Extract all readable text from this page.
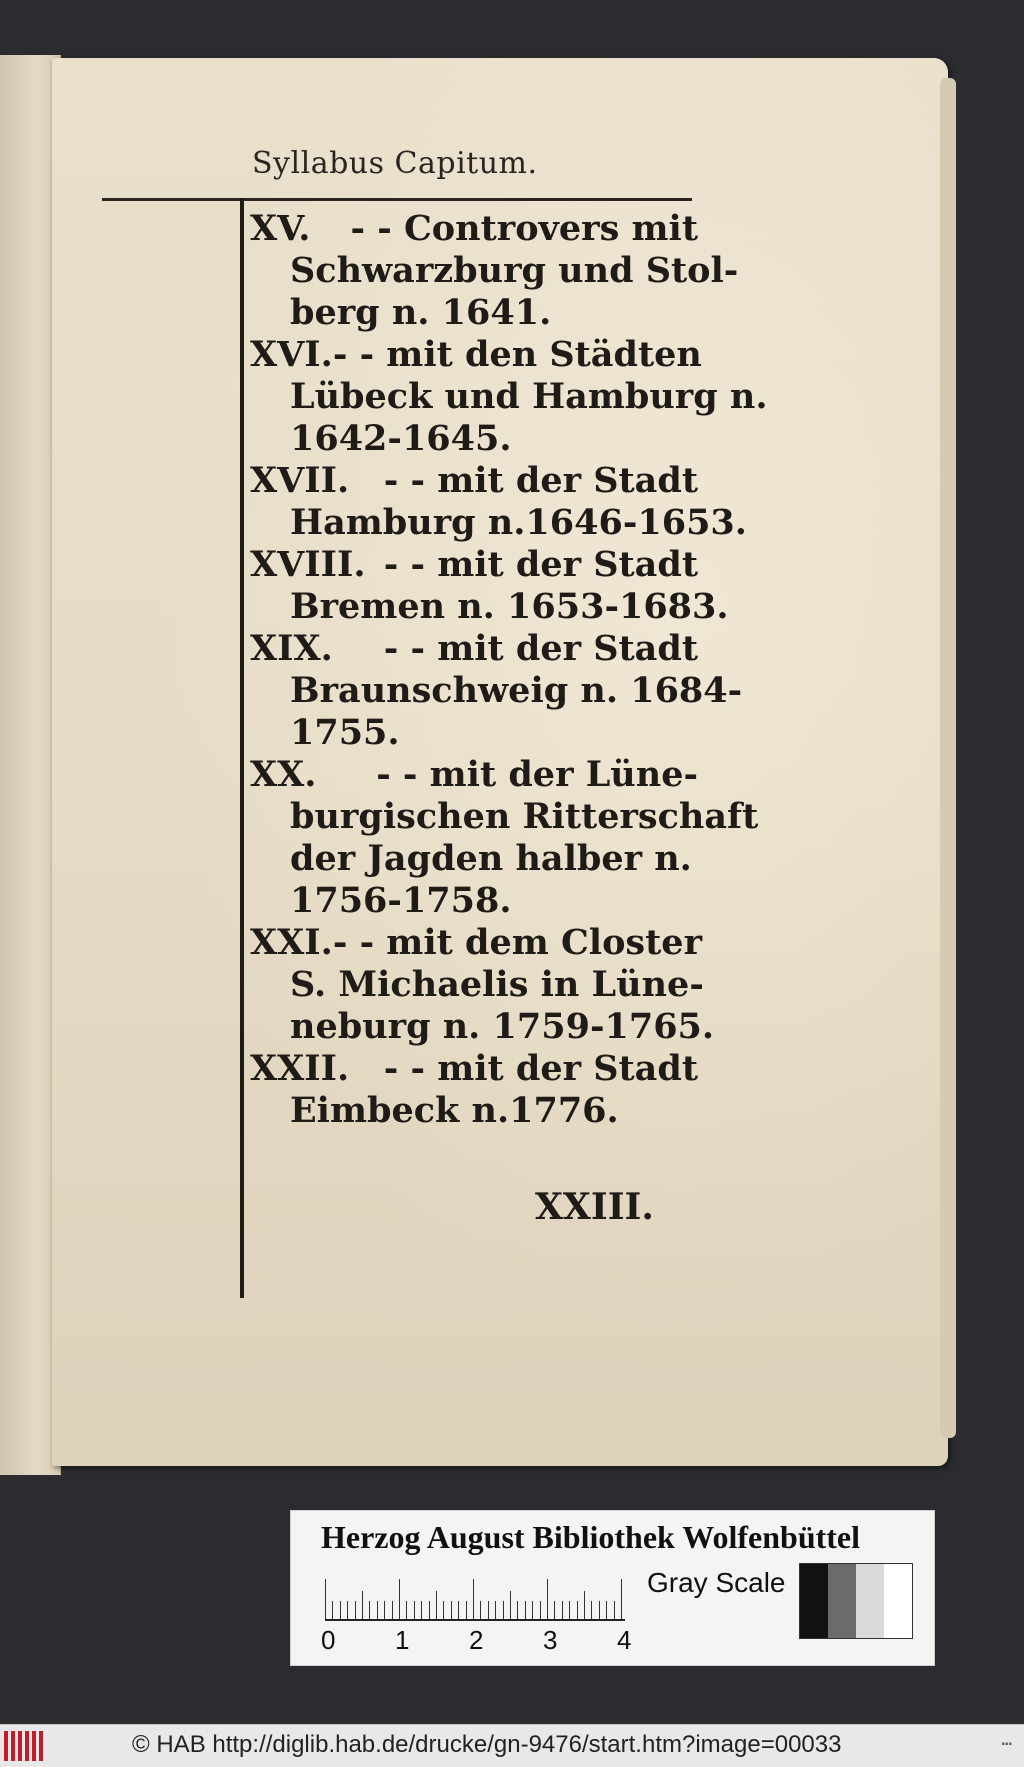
Syllabus Capitum.
XV. - - Controvers mit
Schwarzburg und Stol-
berg n. 1641.
XVI. - - mit den Städten
Lübeck und Hamburg n.
1642-1645.
XVII. - - mit der Stadt
Hamburg n.1646-1653.
XVIII. - - mit der Stadt
Bremen n. 1653-1683.
XIX. - - mit der Stadt
Braunschweig n. 1684-
1755.
XX. - - mit der Lüne-
burgischen Ritterschaft
der Jagden halber n.
1756-1758.
XXI. - - mit dem Closter
S. Michaelis in Lüne-
neburg n. 1759-1765.
XXII. - - mit der Stadt
Eimbeck n.1776.
XXIII.
Herzog August Bibliothek Wolfenbüttel
0 1 2 3 4
Gray Scale
© HAB http://diglib.hab.de/drucke/gn-9476/start.htm?image=00033	▪▪▪
